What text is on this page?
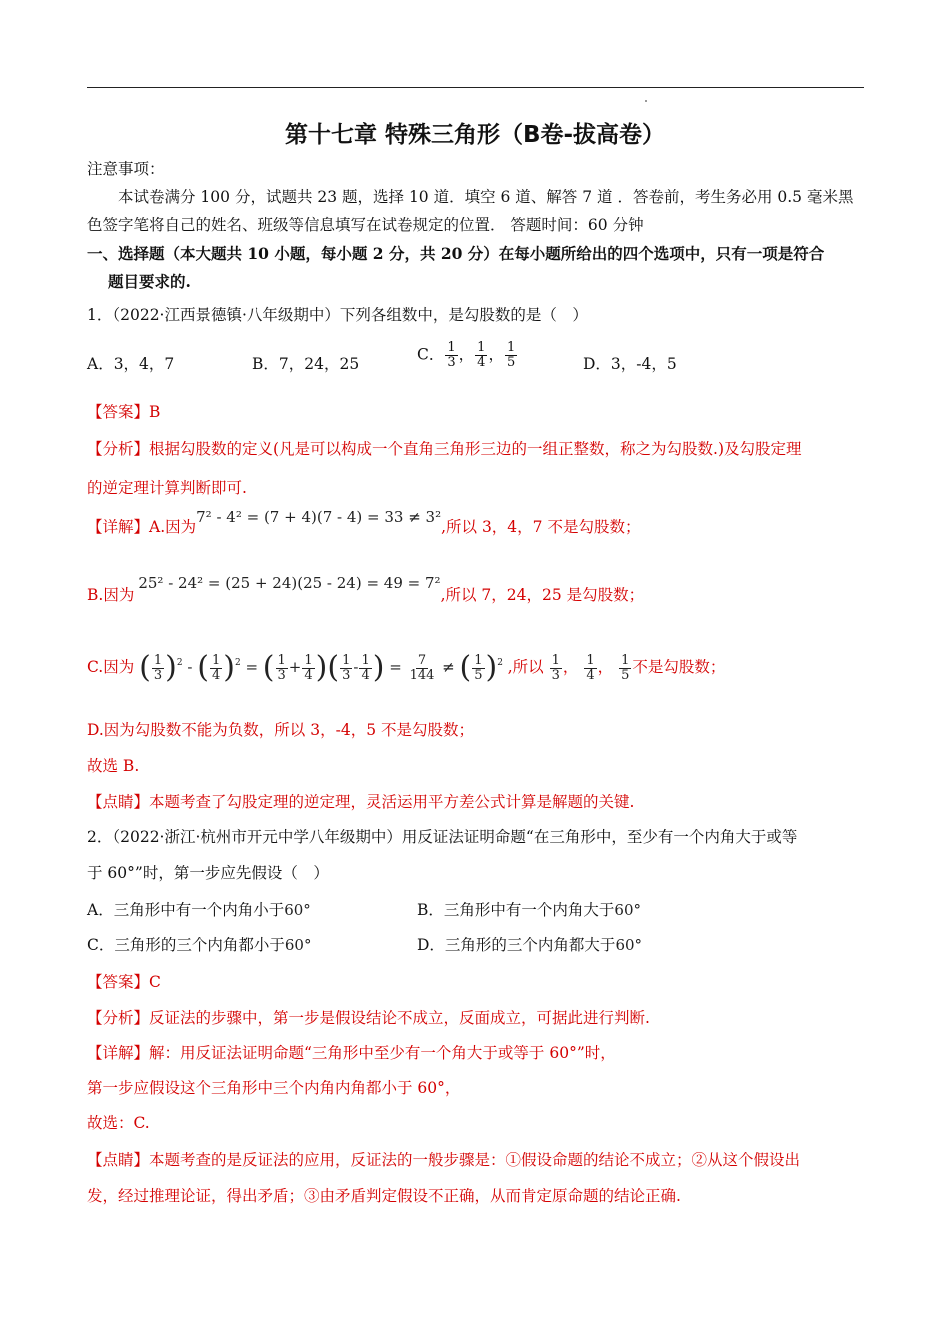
第十七章 特殊三角形（B卷-拔高卷）
注意事项：
本试卷满分 100 分，试题共 23 题，选择 10 道．填空 6 道、解答 7 道 ．答卷前，考生务必用 0.5 毫米黑
色签字笔将自己的姓名、班级等信息填写在试卷规定的位置． 答题时间：60 分钟
一、选择题（本大题共 10 小题，每小题 2 分，共 20 分）在每小题所给出的四个选项中，只有一项是符合
题目要求的.
1．（2022·江西景德镇·八年级期中）下列各组数中，是勾股数的是（　）
A．3，4，7	B．7，24，25
C． $\frac{1}{3}$ ， $\frac{1}{4}$ ， $\frac{1}{5}$	D．3，-4，5
【答案】B
【分析】根据勾股数的定义(凡是可以构成一个直角三角形三边的一组正整数，称之为勾股数.)及勾股定理
的逆定理计算判断即可.
【详解】A.因为7² - 4² = (7 + 4)(7 - 4) = 33 ≠ 3²,所以 3，4，7 不是勾股数；
B.因为25² - 24² = (25 + 24)(25 - 24) = 49 = 7²,所以 7，24，25 是勾股数；
C.因为 ( $\frac{1}{3} )^2$ - ( $\frac{1}{4} )^2$ = ( $\frac{1}{3} + \frac{1}{4}$ )( $\frac{1}{3} - \frac{1}{4}$ ) = $\frac{7}{144}$ ≠ ( $\frac{1}{5} )^2$ ,所以 $\frac{1}{3}$ ， $\frac{1}{4}$ ， $\frac{1}{5}$ 不是勾股数；
D.因为勾股数不能为负数，所以 3，-4，5 不是勾股数；
故选 B.
【点睛】本题考查了勾股定理的逆定理，灵活运用平方差公式计算是解题的关键.
2．（2022·浙江·杭州市开元中学八年级期中）用反证法证明命题“在三角形中，至少有一个内角大于或等
于 60°”时，第一步应先假设（　）
A．三角形中有一个内角小于60°	B．三角形中有一个内角大于60°
C．三角形的三个内角都小于60°	D．三角形的三个内角都大于60°
【答案】C
【分析】反证法的步骤中，第一步是假设结论不成立，反面成立，可据此进行判断.
【详解】解：用反证法证明命题“三角形中至少有一个角大于或等于 60°”时，
第一步应假设这个三角形中三个内角内角都小于 60°，
故选：C.
【点睛】本题考查的是反证法的应用，反证法的一般步骤是：①假设命题的结论不成立；②从这个假设出
发，经过推理论证，得出矛盾；③由矛盾判定假设不正确，从而肯定原命题的结论正确.
